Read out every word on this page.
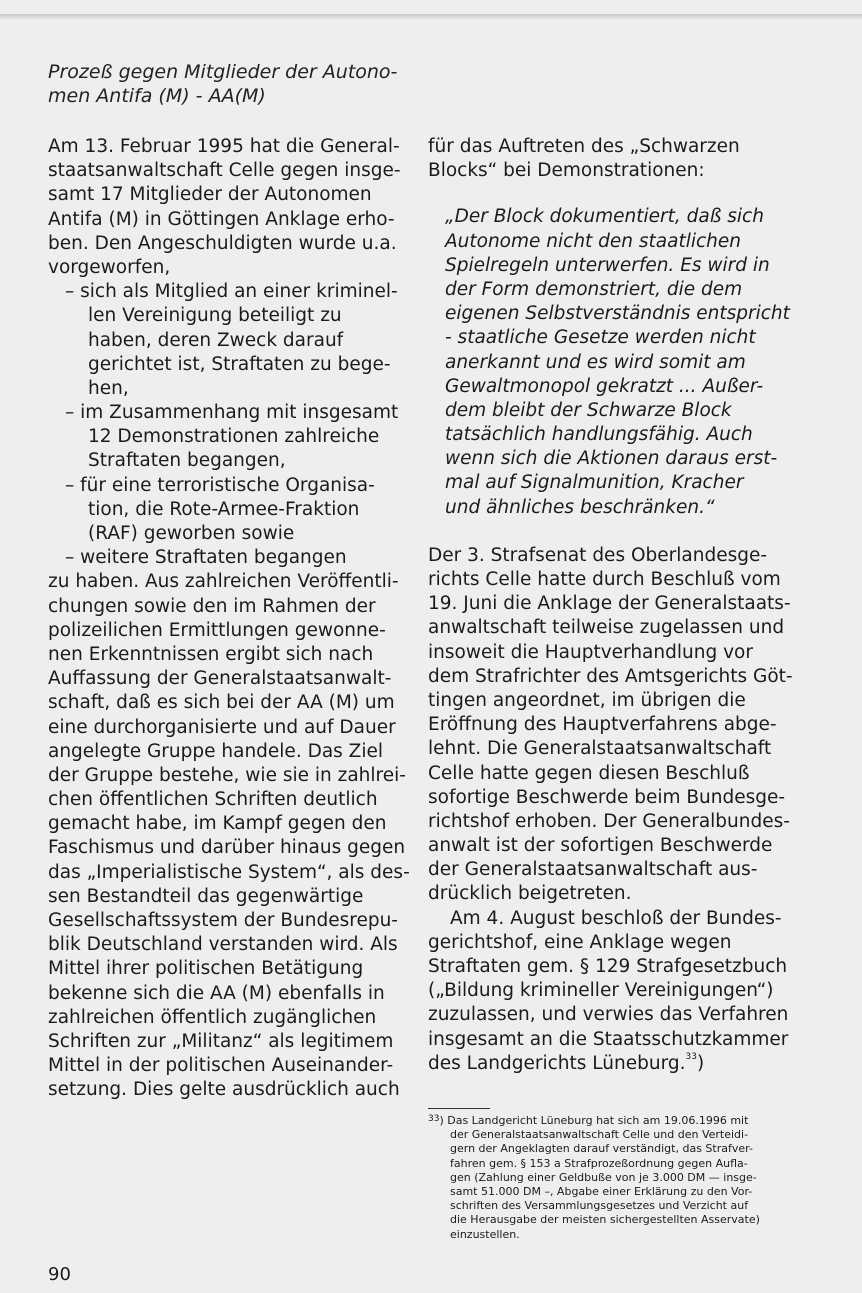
Prozeß gegen Mitglieder der Autono-
men Antifa (M) - AA(M)
Am 13. Februar 1995 hat die General-
staatsanwaltschaft Celle gegen insge-
samt 17 Mitglieder der Autonomen
Antifa (M) in Göttingen Anklage erho-
ben. Den Angeschuldigten wurde u.a.
vorgeworfen,
– sich als Mitglied an einer kriminel-
len Vereinigung beteiligt zu
haben, deren Zweck darauf
gerichtet ist, Straftaten zu bege-
hen,
– im Zusammenhang mit insgesamt
12 Demonstrationen zahlreiche
Straftaten begangen,
– für eine terroristische Organisa-
tion, die Rote-Armee-Fraktion
(RAF) geworben sowie
– weitere Straftaten begangen
zu haben. Aus zahlreichen Veröffentli-
chungen sowie den im Rahmen der
polizeilichen Ermittlungen gewonne-
nen Erkenntnissen ergibt sich nach
Auffassung der Generalstaatsanwalt-
schaft, daß es sich bei der AA (M) um
eine durchorganisierte und auf Dauer
angelegte Gruppe handele. Das Ziel
der Gruppe bestehe, wie sie in zahlrei-
chen öffentlichen Schriften deutlich
gemacht habe, im Kampf gegen den
Faschismus und darüber hinaus gegen
das „Imperialistische System“, als des-
sen Bestandteil das gegenwärtige
Gesellschaftssystem der Bundesrepu-
blik Deutschland verstanden wird. Als
Mittel ihrer politischen Betätigung
bekenne sich die AA (M) ebenfalls in
zahlreichen öffentlich zugänglichen
Schriften zur „Militanz“ als legitimem
Mittel in der politischen Auseinander-
setzung. Dies gelte ausdrücklich auch
für das Auftreten des „Schwarzen
Blocks“ bei Demonstrationen:
„Der Block dokumentiert, daß sich
Autonome nicht den staatlichen
Spielregeln unterwerfen. Es wird in
der Form demonstriert, die dem
eigenen Selbstverständnis entspricht
- staatliche Gesetze werden nicht
anerkannt und es wird somit am
Gewaltmonopol gekratzt ... Außer-
dem bleibt der Schwarze Block
tatsächlich handlungsfähig. Auch
wenn sich die Aktionen daraus erst-
mal auf Signalmunition, Kracher
und ähnliches beschränken.“
Der 3. Strafsenat des Oberlandesge-
richts Celle hatte durch Beschluß vom
19. Juni die Anklage der Generalstaats-
anwaltschaft teilweise zugelassen und
insoweit die Hauptverhandlung vor
dem Strafrichter des Amtsgerichts Göt-
tingen angeordnet, im übrigen die
Eröffnung des Hauptverfahrens abge-
lehnt. Die Generalstaatsanwaltschaft
Celle hatte gegen diesen Beschluß
sofortige Beschwerde beim Bundesge-
richtshof erhoben. Der Generalbundes-
anwalt ist der sofortigen Beschwerde
der Generalstaatsanwaltschaft aus-
drücklich beigetreten.
Am 4. August beschloß der Bundes-
gerichtshof, eine Anklage wegen
Straftaten gem. § 129 Strafgesetzbuch
(„Bildung krimineller Vereinigungen“)
zuzulassen, und verwies das Verfahren
insgesamt an die Staatsschutzkammer
des Landgerichts Lüneburg.$^{33}$)
$^{33}$) Das Landgericht Lüneburg hat sich am 19.06.1996 mit
der Generalstaatsanwaltschaft Celle und den Verteidi-
gern der Angeklagten darauf verständigt, das Strafver-
fahren gem. § 153 a Strafprozeßordnung gegen Aufla-
gen (Zahlung einer Geldbuße von je 3.000 DM — insge-
samt 51.000 DM –, Abgabe einer Erklärung zu den Vor-
schriften des Versammlungsgesetzes und Verzicht auf
die Herausgabe der meisten sichergestellten Asservate)
einzustellen.
90
